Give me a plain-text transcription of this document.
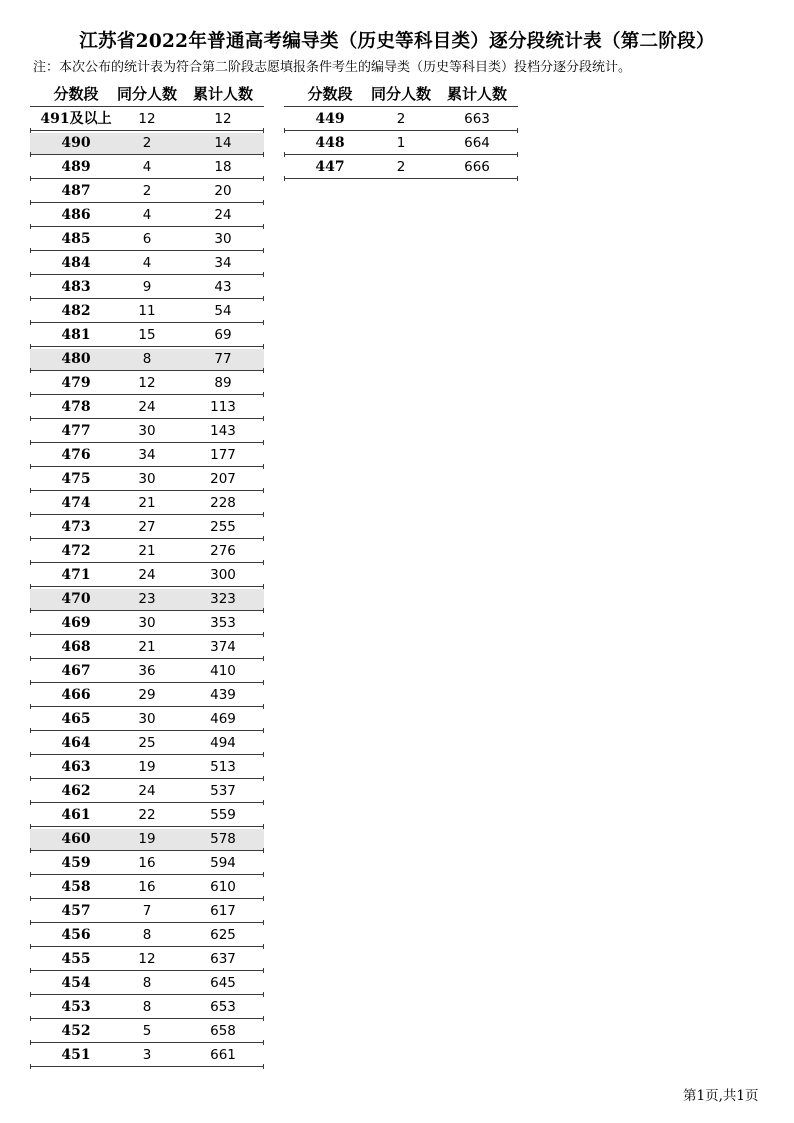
江苏省2022年普通高考编导类（历史等科目类）逐分段统计表（第二阶段）
注：本次公布的统计表为符合第二阶段志愿填报条件考生的编导类（历史等科目类）投档分逐分段统计。
分数段	同分人数	累计人数
491及以上	12	12
490	2	14
489	4	18
487	2	20
486	4	24
485	6	30
484	4	34
483	9	43
482	11	54
481	15	69
480	8	77
479	12	89
478	24	113
477	30	143
476	34	177
475	30	207
474	21	228
473	27	255
472	21	276
471	24	300
470	23	323
469	30	353
468	21	374
467	36	410
466	29	439
465	30	469
464	25	494
463	19	513
462	24	537
461	22	559
460	19	578
459	16	594
458	16	610
457	7	617
456	8	625
455	12	637
454	8	645
453	8	653
452	5	658
451	3	661
分数段	同分人数	累计人数
449	2	663
448	1	664
447	2	666
第1页,共1页
